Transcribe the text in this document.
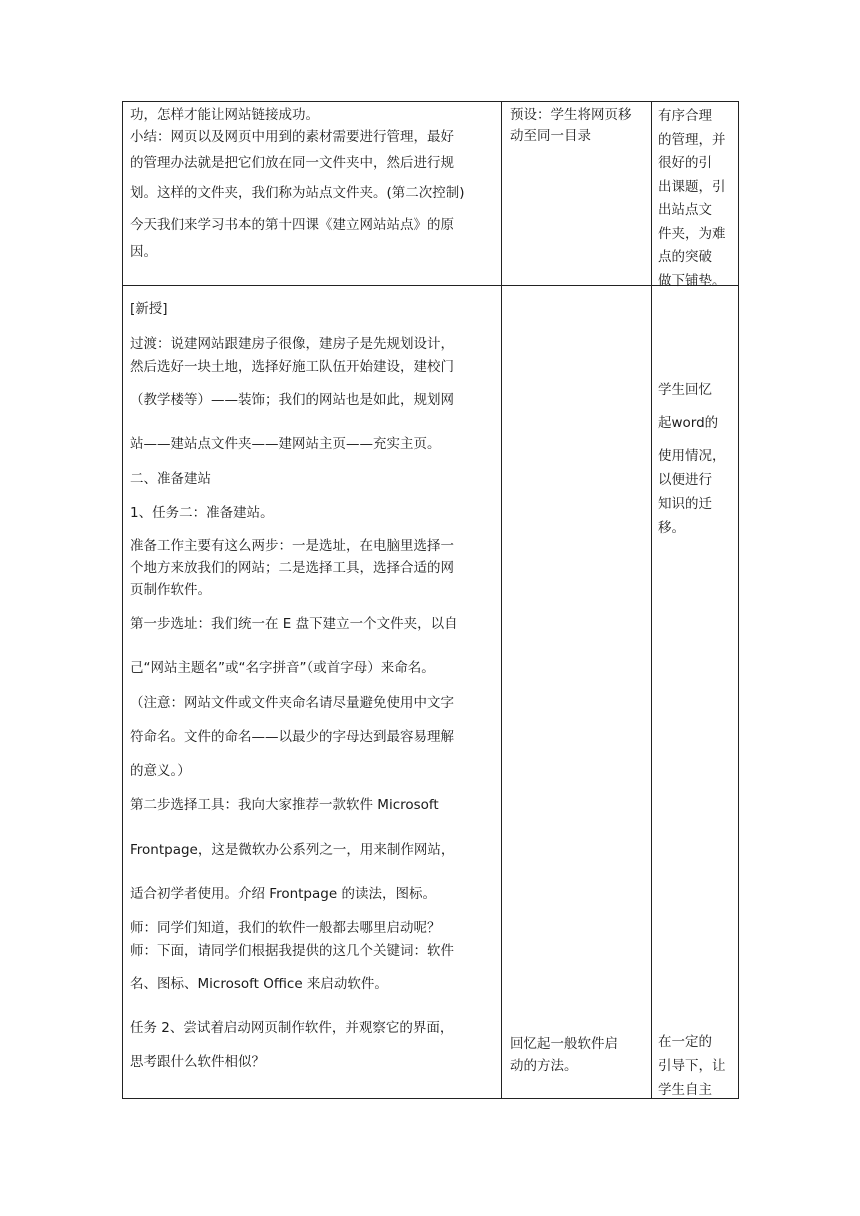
功，怎样才能让网站链接成功。

小结：网页以及网页中用到的素材需要进行管理，最好

的管理办法就是把它们放在同一文件夹中，然后进行规

划。这样的文件夹，我们称为站点文件夹。(第二次控制)

今天我们来学习书本的第十四课《建立网站站点》的原

因。

预设：学生将网页移

动至同一目录

有序合理

的管理，并

很好的引

出课题，引

出站点文

件夹，为难

点的突破

做下铺垫。

[新授]
过渡：说建网站跟建房子很像，建房子是先规划设计，
然后选好一块土地，选择好施工队伍开始建设，建校门
（教学楼等）——装饰；我们的网站也是如此，规划网
站——建站点文件夹——建网站主页——充实主页。
二、准备建站
1、任务二：准备建站。
准备工作主要有这么两步：一是选址，在电脑里选择一
个地方来放我们的网站；二是选择工具，选择合适的网
页制作软件。
第一步选址：我们统一在 E 盘下建立一个文件夹，以自
己“网站主题名”或“名字拼音”（或首字母）来命名。
（注意：网站文件或文件夹命名请尽量避免使用中文字
符命名。文件的命名——以最少的字母达到最容易理解
的意义。）
第二步选择工具：我向大家推荐一款软件 Microsoft
Frontpage，这是微软办公系列之一，用来制作网站，
适合初学者使用。介绍 Frontpage 的读法，图标。
师：同学们知道，我们的软件一般都去哪里启动呢？
师：下面，请同学们根据我提供的这几个关键词：软件
名、图标、Microsoft Office 来启动软件。
任务 2、尝试着启动网页制作软件，并观察它的界面，
思考跟什么软件相似？
回忆起一般软件启
动的方法。
学生回忆
起word的
使用情况，
以便进行
知识的迁
移。
在一定的
引导下，让
学生自主
